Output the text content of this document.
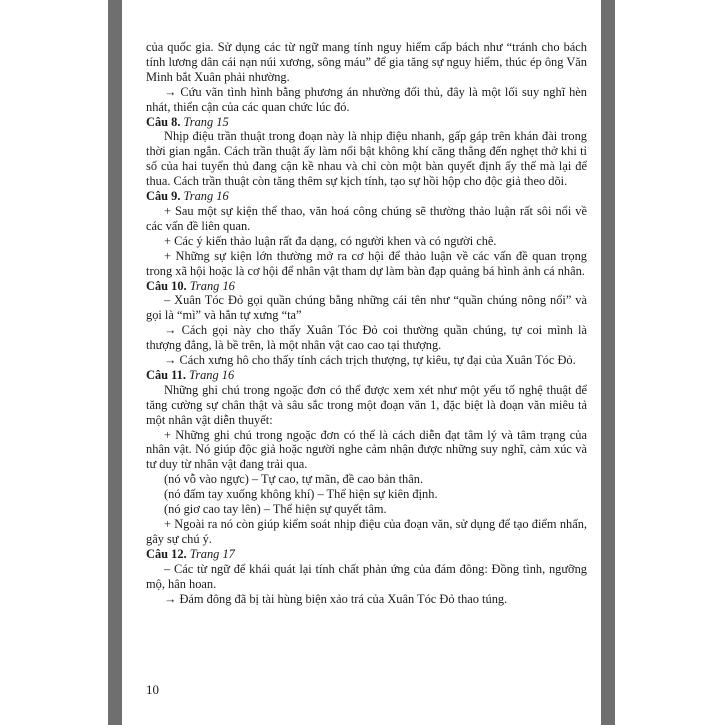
của quốc gia. Sử dụng các từ ngữ mang tính nguy hiểm cấp bách như “tránh cho bách tính lương dân cái nạn núi xương, sông máu” để gia tăng sự nguy hiểm, thúc ép ông Văn Minh bắt Xuân phải nhường.

→ Cứu vãn tình hình bằng phương án nhường đối thủ, đây là một lối suy nghĩ hèn nhát, thiển cận của các quan chức lúc đó.

Câu 8. Trang 15

Nhịp điệu trần thuật trong đoạn này là nhịp điệu nhanh, gấp gáp trên khán đài trong thời gian ngắn. Cách trần thuật ấy làm nổi bật không khí căng thẳng đến nghẹt thở khi tỉ số của hai tuyển thủ đang cận kề nhau và chỉ còn một bàn quyết định ấy thế mà lại để thua. Cách trần thuật còn tăng thêm sự kịch tính, tạo sự hồi hộp cho độc giả theo dõi.

Câu 9. Trang 16

+ Sau một sự kiện thể thao, văn hoá công chúng sẽ thường thảo luận rất sôi nổi về các vấn đề liên quan.

+ Các ý kiến thảo luận rất đa dạng, có người khen và có người chê.

+ Những sự kiện lớn thường mở ra cơ hội để thảo luận về các vấn đề quan trọng trong xã hội hoặc là cơ hội để nhân vật tham dự làm bàn đạp quảng bá hình ảnh cá nhân.

Câu 10. Trang 16

– Xuân Tóc Đỏ gọi quần chúng bằng những cái tên như “quần chúng nông nổi” và gọi là “mì” và hắn tự xưng “ta”

→ Cách gọi này cho thấy Xuân Tóc Đỏ coi thường quần chúng, tự coi mình là thượng đẳng, là bề trên, là một nhân vật cao cao tại thượng.

→ Cách xưng hô cho thấy tính cách trịch thượng, tự kiêu, tự đại của Xuân Tóc Đỏ.

Câu 11. Trang 16

Những ghi chú trong ngoặc đơn có thể được xem xét như một yếu tố nghệ thuật để tăng cường sự chân thật và sâu sắc trong một đoạn văn 1, đặc biệt là đoạn văn miêu tả một nhân vật diễn thuyết:

+ Những ghi chú trong ngoặc đơn có thể là cách diễn đạt tâm lý và tâm trạng của nhân vật. Nó giúp độc giả hoặc người nghe cảm nhận được những suy nghĩ, cảm xúc và tư duy từ nhân vật đang trải qua.

(nó vỗ vào ngực) – Tự cao, tự mãn, đề cao bản thân.

(nó đấm tay xuống không khí) – Thể hiện sự kiên định.

(nó giơ cao tay lên) – Thể hiện sự quyết tâm.

+ Ngoài ra nó còn giúp kiểm soát nhịp điệu của đoạn văn, sử dụng để tạo điểm nhấn, gây sự chú ý.

Câu 12. Trang 17

– Các từ ngữ để khái quát lại tính chất phản ứng của đám đông: Đồng tình, ngưỡng mộ, hân hoan.

→ Đám đông đã bị tài hùng biện xảo trá của Xuân Tóc Đỏ thao túng.

10
